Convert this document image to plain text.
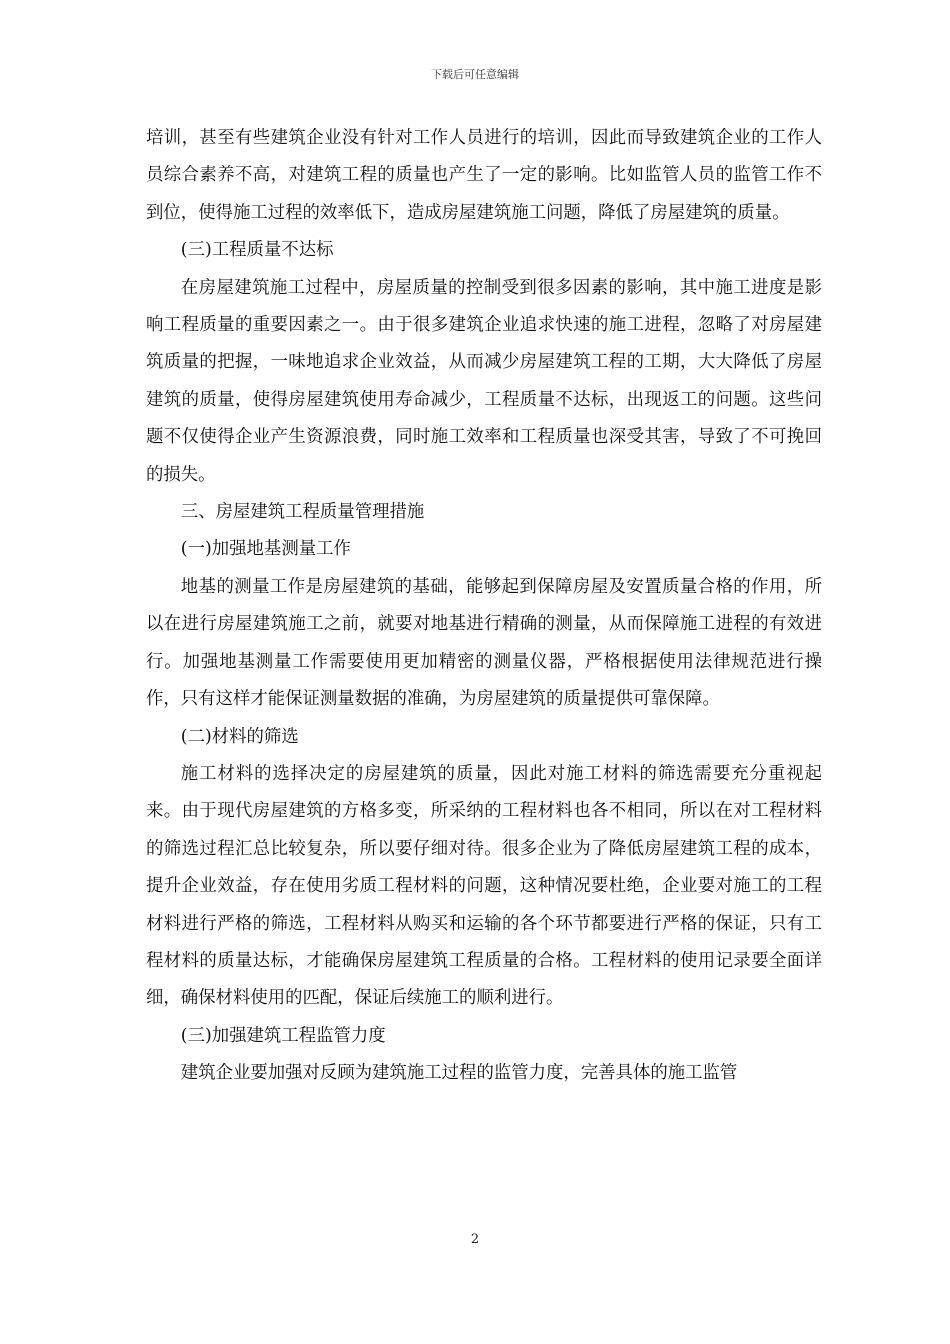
下载后可任意编辑

培训，甚至有些建筑企业没有针对工作人员进行的培训，因此而导致建筑企业的工作人员综合素养不高，对建筑工程的质量也产生了一定的影响。比如监管人员的监管工作不到位，使得施工过程的效率低下，造成房屋建筑施工问题，降低了房屋建筑的质量。

(三)工程质量不达标

在房屋建筑施工过程中，房屋质量的控制受到很多因素的影响，其中施工进度是影响工程质量的重要因素之一。由于很多建筑企业追求快速的施工进程，忽略了对房屋建筑质量的把握，一味地追求企业效益，从而减少房屋建筑工程的工期，大大降低了房屋建筑的质量，使得房屋建筑使用寿命减少，工程质量不达标，出现返工的问题。这些问题不仅使得企业产生资源浪费，同时施工效率和工程质量也深受其害，导致了不可挽回的损失。

三、房屋建筑工程质量管理措施

(一)加强地基测量工作

地基的测量工作是房屋建筑的基础，能够起到保障房屋及安置质量合格的作用，所以在进行房屋建筑施工之前，就要对地基进行精确的测量，从而保障施工进程的有效进行。加强地基测量工作需要使用更加精密的测量仪器，严格根据使用法律规范进行操作，只有这样才能保证测量数据的准确，为房屋建筑的质量提供可靠保障。

(二)材料的筛选

施工材料的选择决定的房屋建筑的质量，因此对施工材料的筛选需要充分重视起来。由于现代房屋建筑的方格多变，所采纳的工程材料也各不相同，所以在对工程材料的筛选过程汇总比较复杂，所以要仔细对待。很多企业为了降低房屋建筑工程的成本，提升企业效益，存在使用劣质工程材料的问题，这种情况要杜绝，企业要对施工的工程材料进行严格的筛选，工程材料从购买和运输的各个环节都要进行严格的保证，只有工程材料的质量达标，才能确保房屋建筑工程质量的合格。工程材料的使用记录要全面详细，确保材料使用的匹配，保证后续施工的顺利进行。

(三)加强建筑工程监管力度

建筑企业要加强对反顾为建筑施工过程的监管力度，完善具体的施工监管

2
